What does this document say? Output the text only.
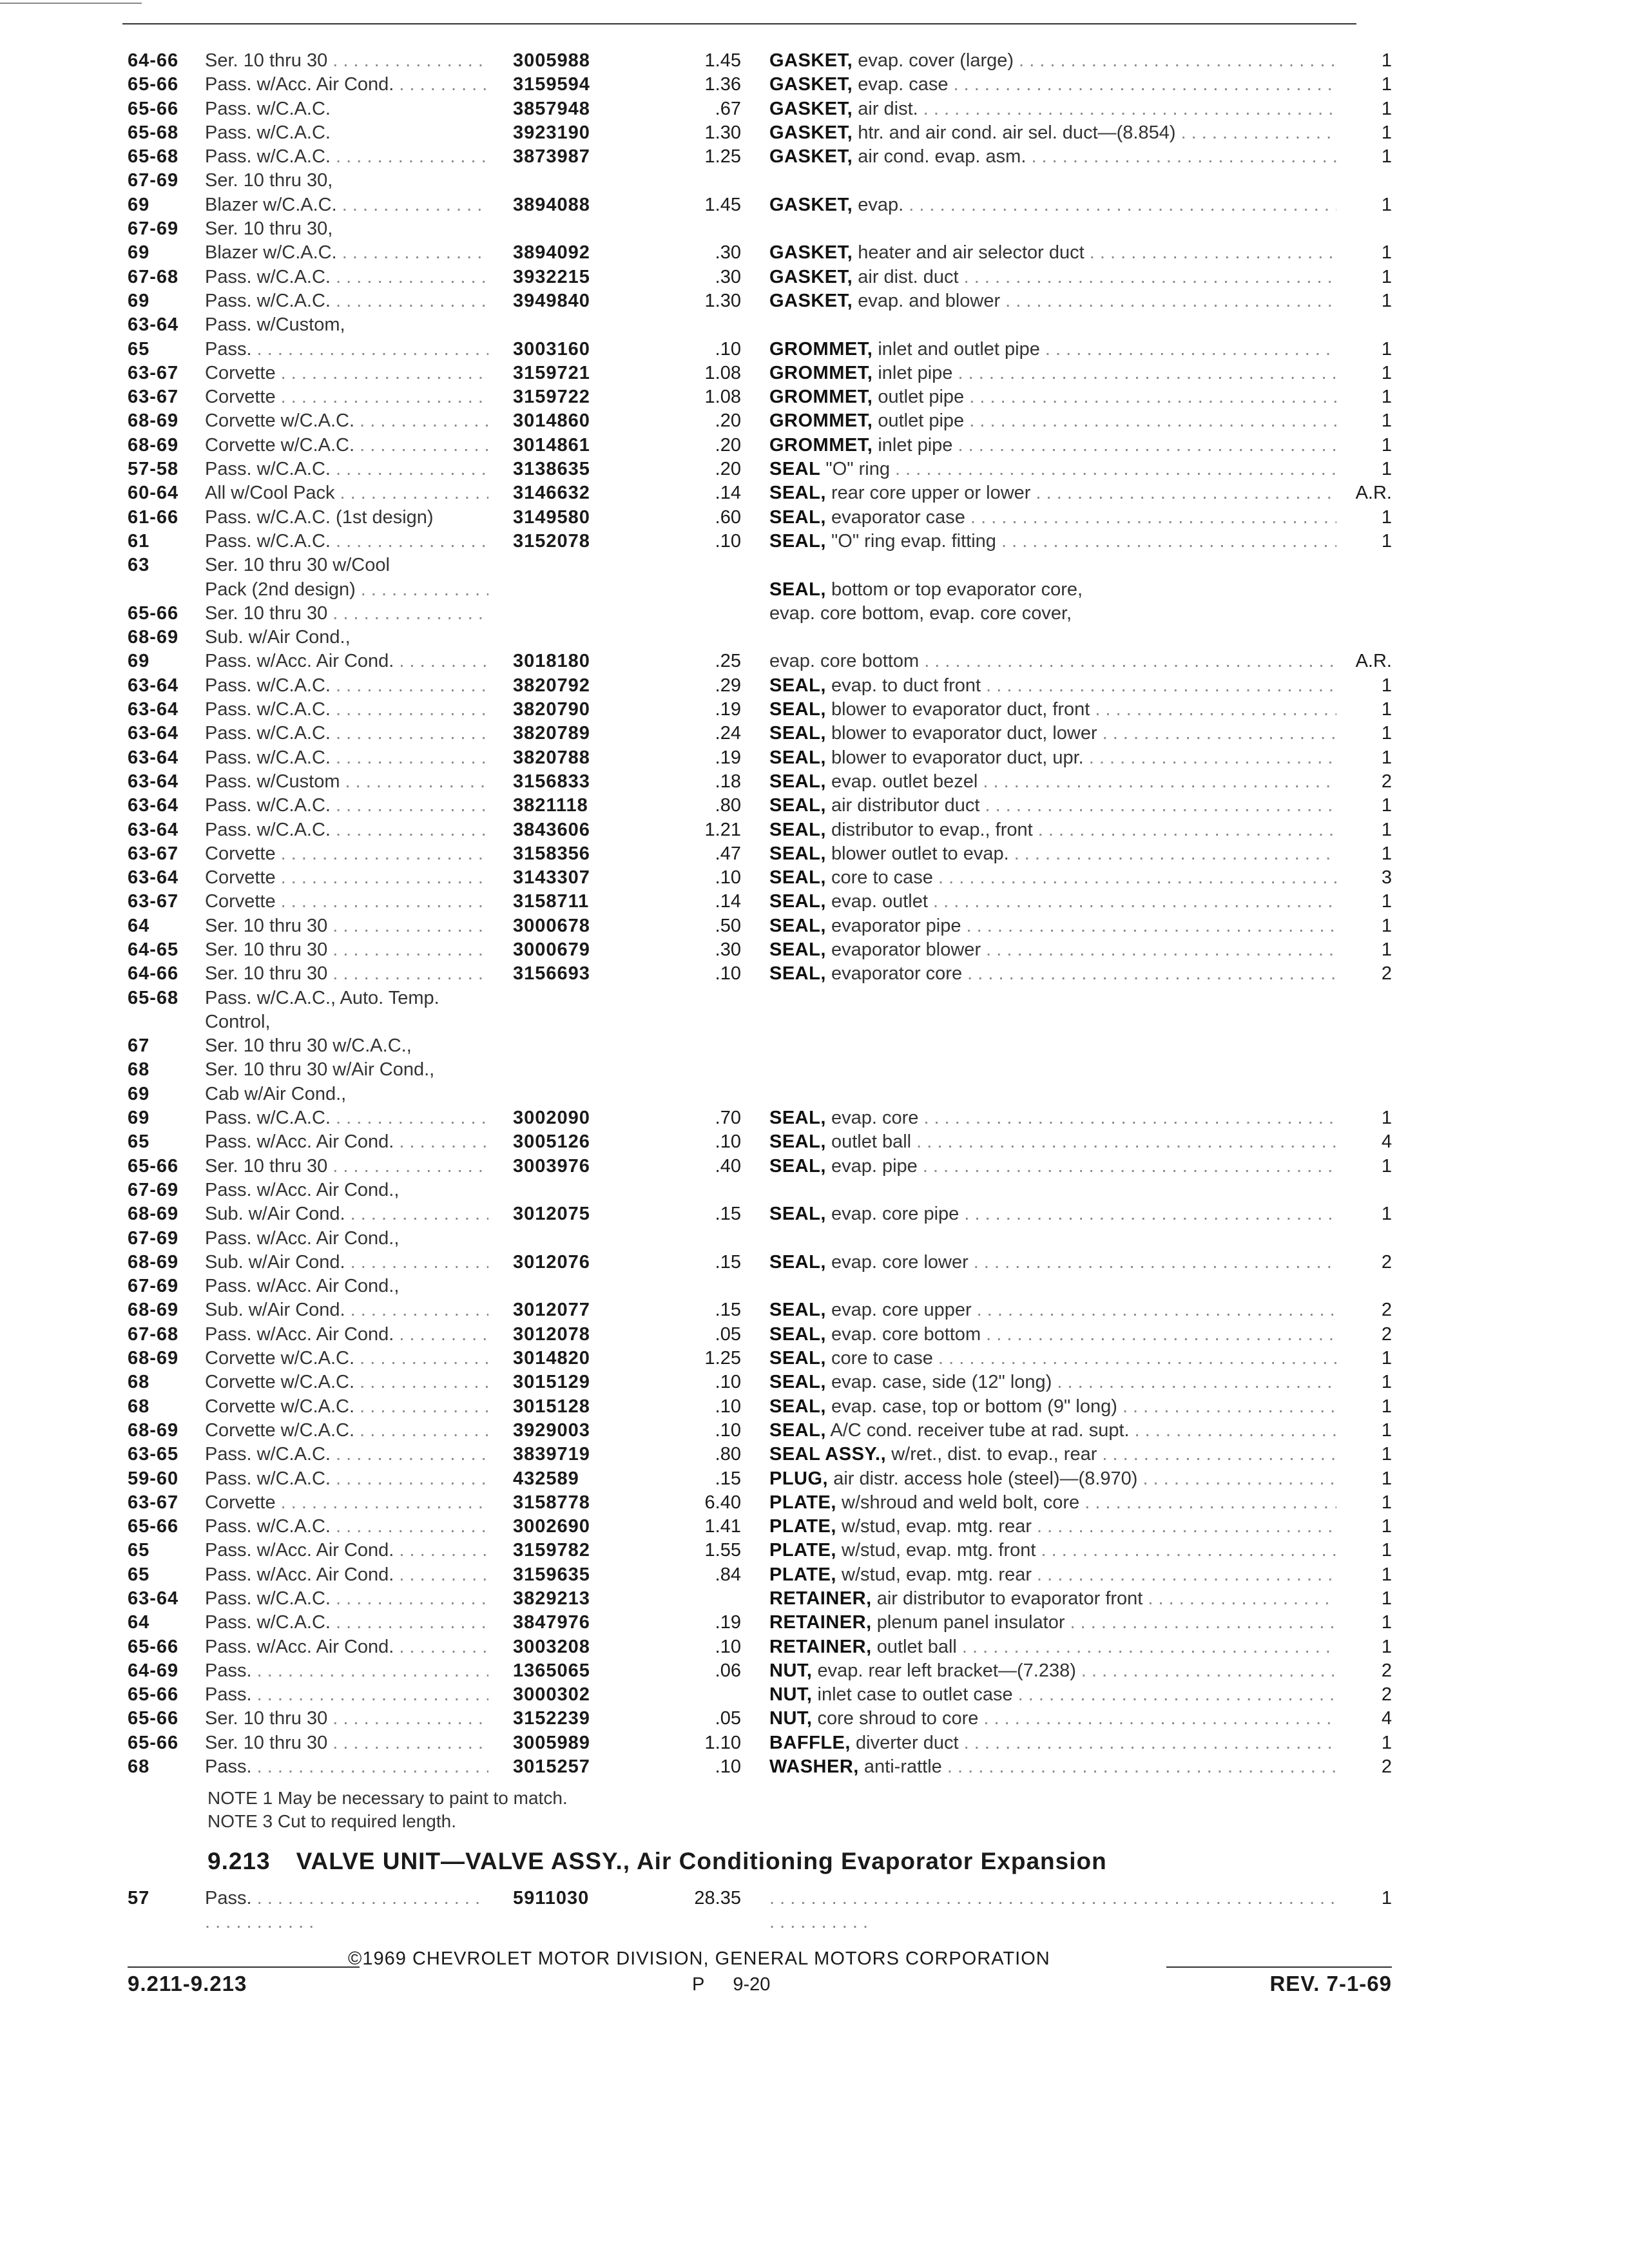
64-66 Ser. 10 thru 30 . . .	3005988	1.45 GASKET, evap. cover (large) . . .	1
65-66 Pass. w/Acc. Air Cond. . . .	3159594	1.36 GASKET, evap. case . . .	1
65-66 Pass. w/C.A.C.	3857948	.67 GASKET, air dist. . . .	1
65-68 Pass. w/C.A.C.	3923190	1.30 GASKET, htr. and air cond. air sel. duct—(8.854) . . .	1
65-68 Pass. w/C.A.C. . . .	3873987	1.25 GASKET, air cond. evap. asm. . . .	1
67-69 Ser. 10 thru 30,
69	Blazer w/C.A.C. . . .	3894088	1.45 GASKET, evap. . . .	1
67-69 Ser. 10 thru 30,
69	Blazer w/C.A.C. . . .	3894092	.30 GASKET, heater and air selector duct . . .	1
67-68 Pass. w/C.A.C. . . .	3932215	.30 GASKET, air dist. duct . . .	1
69	Pass. w/C.A.C. . . .	3949840	1.30 GASKET, evap. and blower . . .	1
63-64 Pass. w/Custom,
65	Pass. . . .	3003160	.10 GROMMET, inlet and outlet pipe . . .	1
63-67 Corvette . . .	3159721	1.08 GROMMET, inlet pipe . . .	1
63-67 Corvette . . .	3159722	1.08 GROMMET, outlet pipe . . .	1
68-69 Corvette w/C.A.C. . . .	3014860	.20 GROMMET, outlet pipe . . .	1
68-69 Corvette w/C.A.C. . . .	3014861	.20 GROMMET, inlet pipe . . .	1
57-58 Pass. w/C.A.C. . . .	3138635	.20 SEAL "O" ring . . .	1
60-64 All w/Cool Pack . . .	3146632	.14 SEAL, rear core upper or lower . . .	A.R.
61-66 Pass. w/C.A.C. (1st design)	3149580	.60 SEAL, evaporator case . . .	1
61	Pass. w/C.A.C. . . .	3152078	.10 SEAL, "O" ring evap. fitting . . .	1
63	Ser. 10 thru 30 w/Cool
Pack (2nd design) . . .	SEAL, bottom or top evaporator core,
65-66 Ser. 10 thru 30 . . .	evap. core bottom, evap. core cover,
68-69 Sub. w/Air Cond.,
69	Pass. w/Acc. Air Cond. . . .	3018180	.25 evap. core bottom . . .	A.R.
63-64 Pass. w/C.A.C. . . .	3820792	.29 SEAL, evap. to duct front . . .	1
63-64 Pass. w/C.A.C. . . .	3820790	.19 SEAL, blower to evaporator duct, front . . .	1
63-64 Pass. w/C.A.C. . . .	3820789	.24 SEAL, blower to evaporator duct, lower . . .	1
63-64 Pass. w/C.A.C. . . .	3820788	.19 SEAL, blower to evaporator duct, upr. . . .	1
63-64 Pass. w/Custom . . .	3156833	.18 SEAL, evap. outlet bezel . . .	2
63-64 Pass. w/C.A.C. . . .	3821118	.80 SEAL, air distributor duct . . .	1
63-64 Pass. w/C.A.C. . . .	3843606	1.21 SEAL, distributor to evap., front . . .	1
63-67 Corvette . . .	3158356	.47 SEAL, blower outlet to evap. . . .	1
63-64 Corvette . . .	3143307	.10 SEAL, core to case . . .	3
63-67 Corvette . . .	3158711	.14 SEAL, evap. outlet . . .	1
64	Ser. 10 thru 30 . . .	3000678	.50 SEAL, evaporator pipe . . .	1
64-65 Ser. 10 thru 30 . . .	3000679	.30 SEAL, evaporator blower . . .	1
64-66 Ser. 10 thru 30 . . .	3156693	.10 SEAL, evaporator core . . .	2
65-68 Pass. w/C.A.C., Auto. Temp.
Control,
67	Ser. 10 thru 30 w/C.A.C.,
68	Ser. 10 thru 30 w/Air Cond.,
69	Cab w/Air Cond.,
69	Pass. w/C.A.C. . . .	3002090	.70 SEAL, evap. core . . .	1
65	Pass. w/Acc. Air Cond. . . .	3005126	.10 SEAL, outlet ball . . .	4
65-66 Ser. 10 thru 30 . . .	3003976	.40 SEAL, evap. pipe . . .	1
67-69 Pass. w/Acc. Air Cond.,
68-69 Sub. w/Air Cond. . . .	3012075	.15 SEAL, evap. core pipe . . .	1
67-69 Pass. w/Acc. Air Cond.,
68-69 Sub. w/Air Cond. . . .	3012076	.15 SEAL, evap. core lower . . .	2
67-69 Pass. w/Acc. Air Cond.,
68-69 Sub. w/Air Cond. . . .	3012077	.15 SEAL, evap. core upper . . .	2
67-68 Pass. w/Acc. Air Cond. . . .	3012078	.05 SEAL, evap. core bottom . . .	2
68-69 Corvette w/C.A.C. . . .	3014820	1.25 SEAL, core to case . . .	1
68	Corvette w/C.A.C. . . .	3015129	.10 SEAL, evap. case, side (12" long) . . .	1
68	Corvette w/C.A.C. . . .	3015128	.10 SEAL, evap. case, top or bottom (9" long) . . .	1
68-69 Corvette w/C.A.C. . . .	3929003	.10 SEAL, A/C cond. receiver tube at rad. supt. . . .	1
63-65 Pass. w/C.A.C. . . .	3839719	.80 SEAL ASSY., w/ret., dist. to evap., rear . . .	1
59-60 Pass. w/C.A.C. . . .	432589	.15 PLUG, air distr. access hole (steel)—(8.970) . . .	1
63-67 Corvette . . .	3158778	6.40 PLATE, w/shroud and weld bolt, core . . .	1
65-66 Pass. w/C.A.C. . . .	3002690	1.41 PLATE, w/stud, evap. mtg. rear . . .	1
65	Pass. w/Acc. Air Cond. . . .	3159782	1.55 PLATE, w/stud, evap. mtg. front . . .	1
65	Pass. w/Acc. Air Cond. . . .	3159635	.84 PLATE, w/stud, evap. mtg. rear . . .	1
63-64 Pass. w/C.A.C. . . .	3829213	RETAINER, air distributor to evaporator front . . .	1
64	Pass. w/C.A.C. . . .	3847976	.19 RETAINER, plenum panel insulator . . .	1
65-66 Pass. w/Acc. Air Cond. . . .	3003208	.10 RETAINER, outlet ball . . .	1
64-69 Pass. . . .	1365065	.06 NUT, evap. rear left bracket—(7.238) . . .	2
65-66 Pass. . . .	3000302	NUT, inlet case to outlet case . . .	2
65-66 Ser. 10 thru 30 . . .	3152239	.05 NUT, core shroud to core . . .	4
65-66 Ser. 10 thru 30 . . .	3005989	1.10 BAFFLE, diverter duct . . .	1
68	Pass. . . .	3015257	.10 WASHER, anti-rattle . . .	2
NOTE 1 May be necessary to paint to match.
NOTE 3 Cut to required length.
9.213 VALVE UNIT—VALVE ASSY., Air Conditioning Evaporator Expansion
57	Pass. . . .	5911030	28.35 . . .	1
©1969 CHEVROLET MOTOR DIVISION, GENERAL MOTORS CORPORATION
9.211-9.213	P 9-20	REV. 7-1-69
